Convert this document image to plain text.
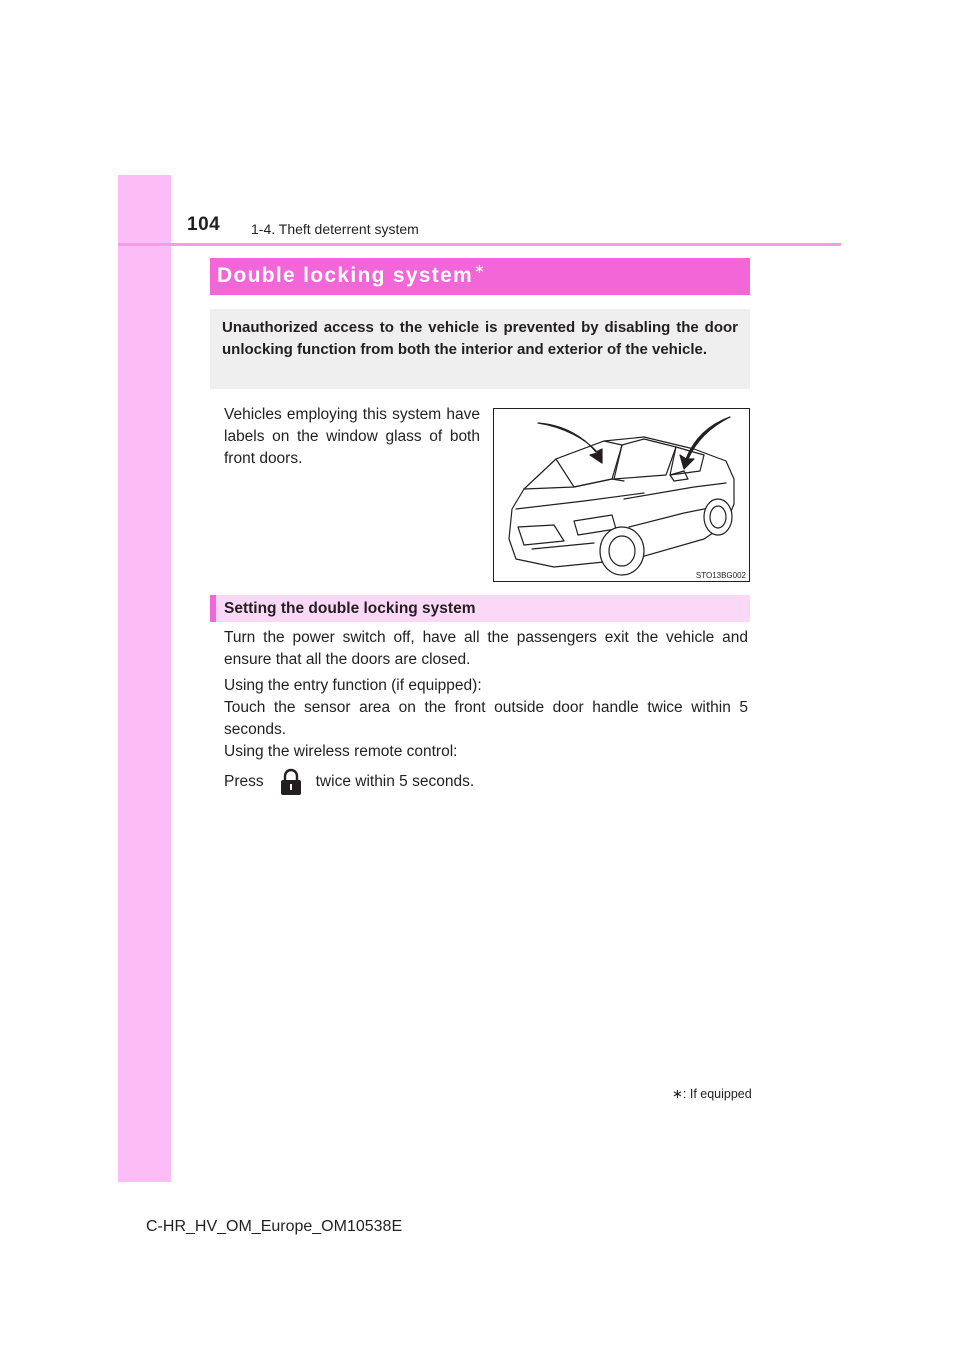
104 1-4. Theft deterrent system
Double locking system∗

Unauthorized access to the vehicle is prevented by disabling the door unlocking function from both the interior and exterior of the vehicle.

Vehicles employing this system have labels on the window glass of both front doors.

STO13BG002
Setting the double locking system

Turn the power switch off, have all the passengers exit the vehicle and ensure that all the doors are closed.

Using the entry function (if equipped):
Touch the sensor area on the front outside door handle twice within 5 seconds.
Using the wireless remote control:
Press	twice within 5 seconds.
∗: If equipped
C-HR_HV_OM_Europe_OM10538E
